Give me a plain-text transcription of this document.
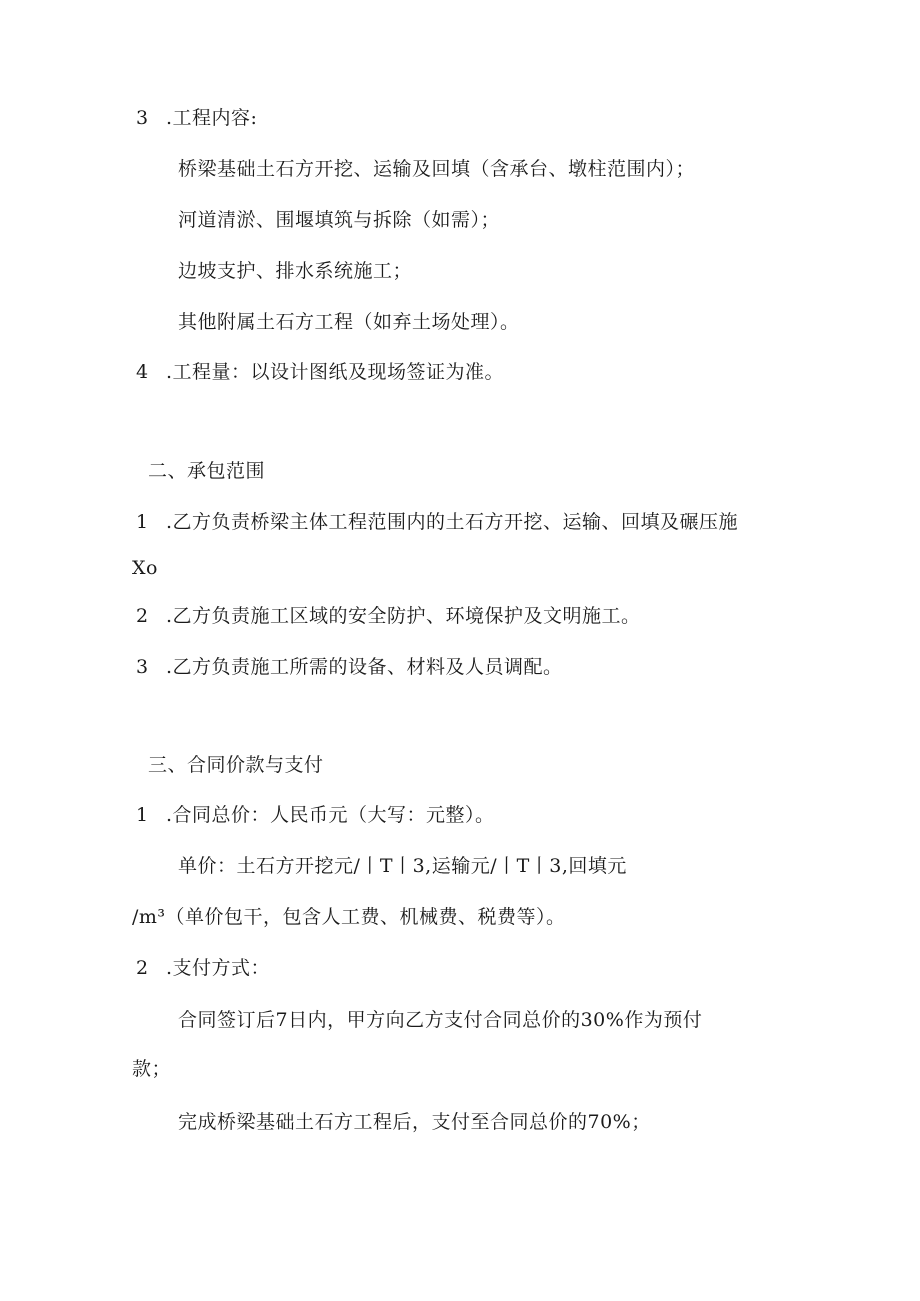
3 .工程内容:
桥梁基础土石方开挖、运输及回填（含承台、墩柱范围内）；
河道清淤、围堰填筑与拆除（如需）；
边坡支护、排水系统施工；
其他附属土石方工程（如弃土场处理）。
4 .工程量：以设计图纸及现场签证为准。
二、承包范围
1 .乙方负责桥梁主体工程范围内的土石方开挖、运输、回填及碾压施
Xo
2 .乙方负责施工区域的安全防护、环境保护及文明施工。
3 .乙方负责施工所需的设备、材料及人员调配。
三、合同价款与支付
1 .合同总价：人民币元（大写：元整）。
单价：土石方开挖元/丨T丨3,运输元/丨T丨3,回填元
/m³（单价包干，包含人工费、机械费、税费等）。
2 .支付方式：
合同签订后7日内，甲方向乙方支付合同总价的30%作为预付
款；
完成桥梁基础土石方工程后，支付至合同总价的70%；
